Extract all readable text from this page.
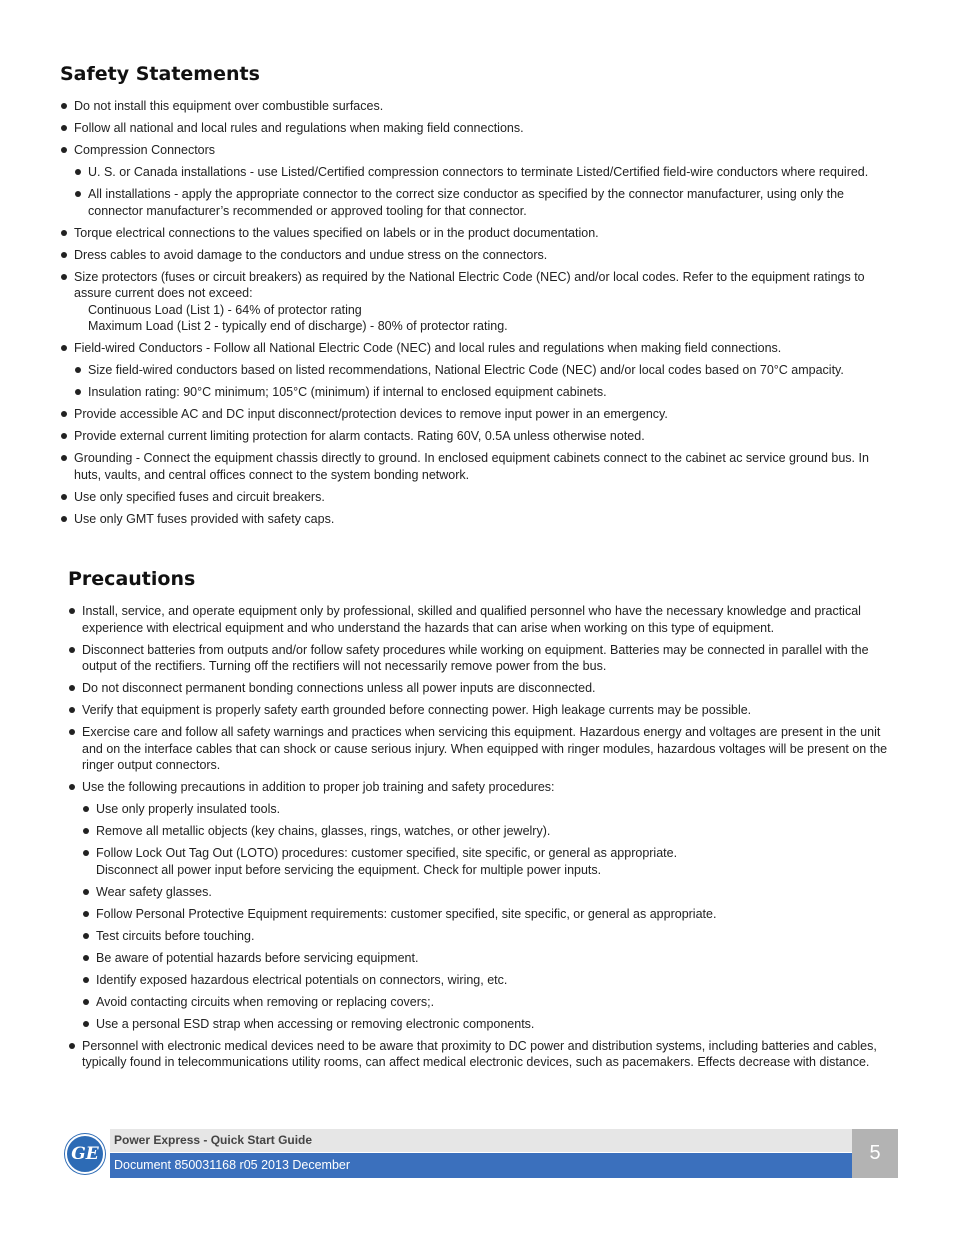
Safety Statements
Do not install this equipment over combustible surfaces.
Follow all national and local rules and regulations when making field connections.
Compression Connectors
U. S. or Canada installations - use Listed/Certified compression connectors to terminate Listed/Certified field-wire conductors where required.
All installations - apply the appropriate connector to the correct size conductor as specified by the connector manufacturer, using only the connector manufacturer’s recommended or approved tooling for that connector.
Torque electrical connections to the values specified on labels or in the product documentation.
Dress cables to avoid damage to the conductors and undue stress on the connectors.
Size protectors (fuses or circuit breakers) as required by the National Electric Code (NEC) and/or local codes. Refer to the equipment ratings to assure current does not exceed:
Continuous Load (List 1) - 64% of protector rating
Maximum Load (List 2 - typically end of discharge) - 80% of protector rating.
Field-wired Conductors - Follow all National Electric Code (NEC) and local rules and regulations when making field connections.
Size field-wired conductors based on listed recommendations, National Electric Code (NEC) and/or local codes based on 70°C ampacity.
Insulation rating: 90°C minimum; 105°C (minimum) if internal to enclosed equipment cabinets.
Provide accessible AC and DC input disconnect/protection devices to remove input power in an emergency.
Provide external current limiting protection for alarm contacts. Rating 60V, 0.5A unless otherwise noted.
Grounding - Connect the equipment chassis directly to ground. In enclosed equipment cabinets connect to the cabinet ac service ground bus. In huts, vaults, and central offices connect to the system bonding network.
Use only specified fuses and circuit breakers.
Use only GMT fuses provided with safety caps.
Precautions
Install, service, and operate equipment only by professional, skilled and qualified personnel who have the necessary knowledge and practical experience with electrical equipment and who understand the hazards that can arise when working on this type of equipment.
Disconnect batteries from outputs and/or follow safety procedures while working on equipment. Batteries may be connected in parallel with the output of the rectifiers. Turning off the rectifiers will not necessarily remove power from the bus.
Do not disconnect permanent bonding connections unless all power inputs are disconnected.
Verify that equipment is properly safety earth grounded before connecting power. High leakage currents may be possible.
Exercise care and follow all safety warnings and practices when servicing this equipment. Hazardous energy and voltages are present in the unit and on the interface cables that can shock or cause serious injury. When equipped with ringer modules, hazardous voltages will be present on the ringer output connectors.
Use the following precautions in addition to proper job training and safety procedures:
Use only properly insulated tools.
Remove all metallic objects (key chains, glasses, rings, watches, or other jewelry).
Follow Lock Out Tag Out (LOTO) procedures: customer specified, site specific, or general as appropriate.
Disconnect all power input before servicing the equipment. Check for multiple power inputs.
Wear safety glasses.
Follow Personal Protective Equipment requirements: customer specified, site specific, or general as appropriate.
Test circuits before touching.
Be aware of potential hazards before servicing equipment.
Identify exposed hazardous electrical potentials on connectors, wiring, etc.
Avoid contacting circuits when removing or replacing covers;.
Use a personal ESD strap when accessing or removing electronic components.
Personnel with electronic medical devices need to be aware that proximity to DC power and distribution systems, including batteries and cables, typically found in telecommunications utility rooms, can affect medical electronic devices, such as pacemakers. Effects decrease with distance.
GE
Power Express - Quick Start Guide
Document 850031168 r05 2013 December
5
